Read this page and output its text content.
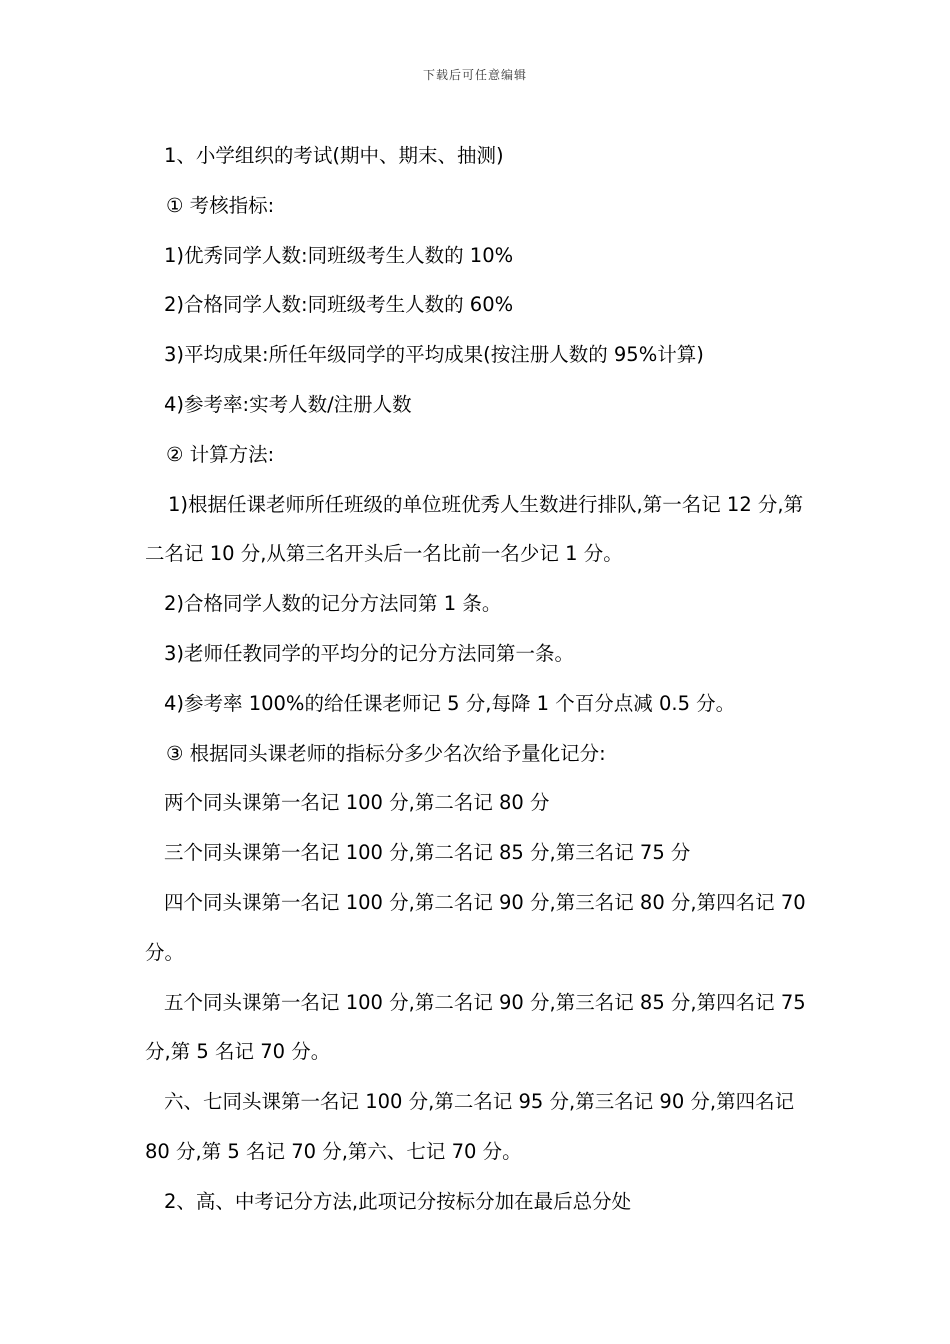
下载后可任意编辑

1、小学组织的考试(期中、期末、抽测)

① 考核指标:

1)优秀同学人数:同班级考生人数的 10%

2)合格同学人数:同班级考生人数的 60%

3)平均成果:所任年级同学的平均成果(按注册人数的 95%计算)

4)参考率:实考人数/注册人数

② 计算方法:

1)根据任课老师所任班级的单位班优秀人生数进行排队,第一名记 12 分,第二名记 10 分,从第三名开头后一名比前一名少记 1 分。

2)合格同学人数的记分方法同第 1 条。

3)老师任教同学的平均分的记分方法同第一条。

4)参考率 100%的给任课老师记 5 分,每降 1 个百分点减 0.5 分。

③ 根据同头课老师的指标分多少名次给予量化记分:

两个同头课第一名记 100 分,第二名记 80 分

三个同头课第一名记 100 分,第二名记 85 分,第三名记 75 分

四个同头课第一名记 100 分,第二名记 90 分,第三名记 80 分,第四名记 70 分。

五个同头课第一名记 100 分,第二名记 90 分,第三名记 85 分,第四名记 75 分,第 5 名记 70 分。

六、七同头课第一名记 100 分,第二名记 95 分,第三名记 90 分,第四名记 80 分,第 5 名记 70 分,第六、七记 70 分。

2、高、中考记分方法,此项记分按标分加在最后总分处
